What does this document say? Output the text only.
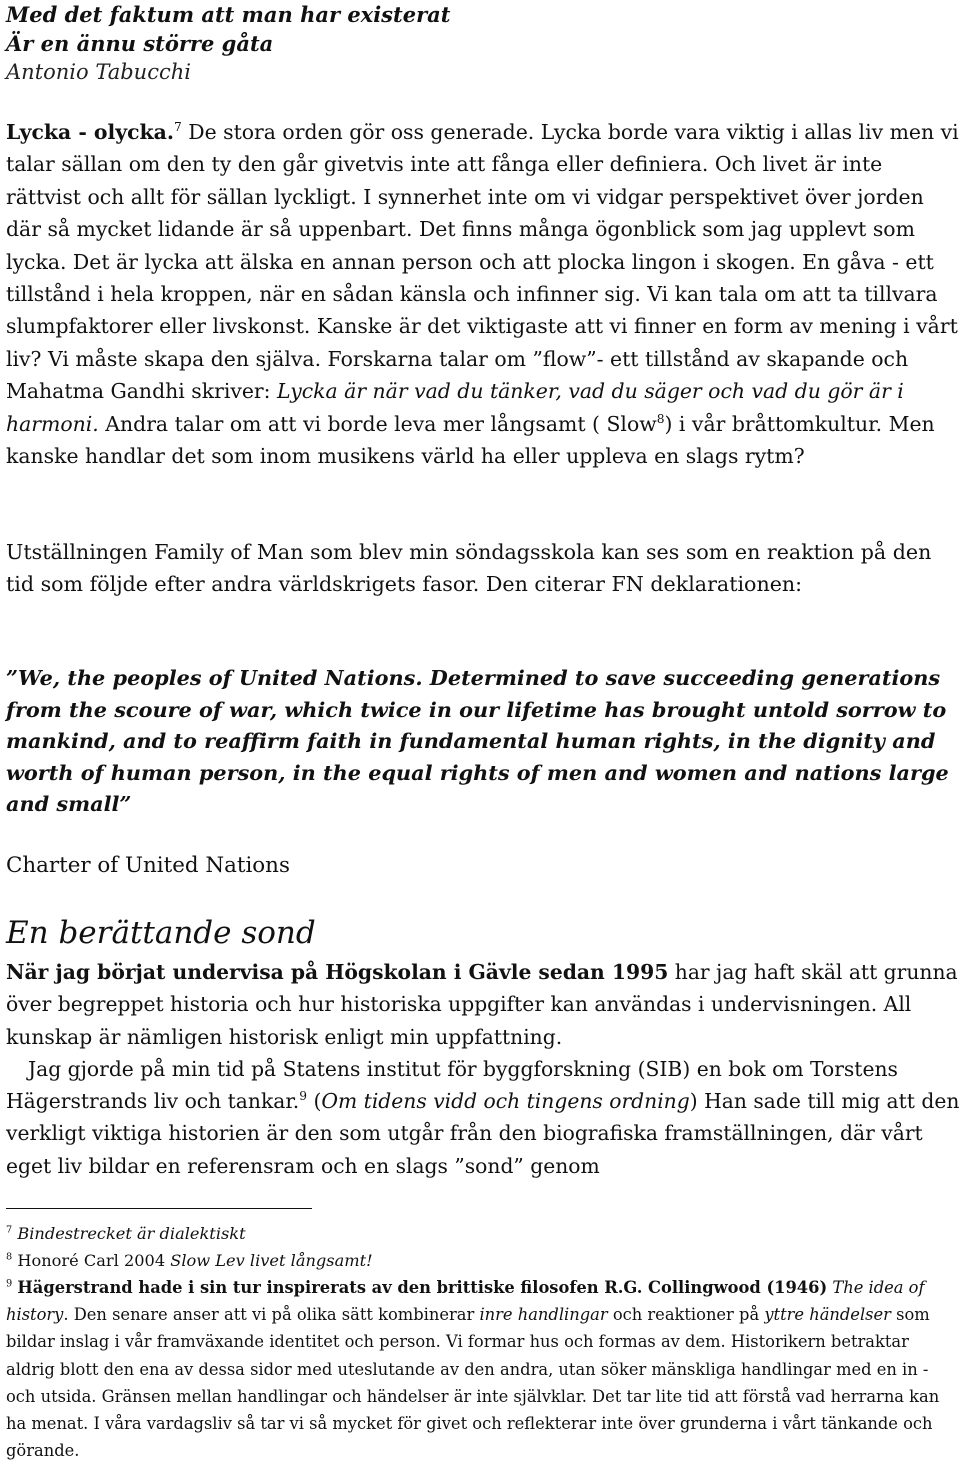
Med det faktum att man har existerat
Är en ännu större gåta
Antonio Tabucchi
Lycka - olycka.$^7$ De stora orden gör oss generade. Lycka borde vara viktig i allas liv men vi talar sällan om den ty den går givetvis inte att fånga eller definiera. Och livet är inte rättvist och allt för sällan lyckligt. I synnerhet inte om vi vidgar perspektivet över jorden där så mycket lidande är så uppenbart. Det finns många ögonblick som jag upplevt som lycka. Det är lycka att älska en annan person och att plocka lingon i skogen. En gåva - ett tillstånd i hela kroppen, när en sådan känsla och infinner sig. Vi kan tala om att ta tillvara slumpfaktorer eller livskonst. Kanske är det viktigaste att vi finner en form av mening i vårt liv? Vi måste skapa den själva. Forskarna talar om ”flow”- ett tillstånd av skapande och Mahatma Gandhi skriver: Lycka är när vad du tänker, vad du säger och vad du gör är i harmoni. Andra talar om att vi borde leva mer långsamt ( Slow$^8$) i vår bråttomkultur. Men kanske handlar det som inom musikens värld ha eller uppleva en slags rytm?
Utställningen Family of Man som blev min söndagsskola kan ses som en reaktion på den tid som följde efter andra världskrigets fasor. Den citerar FN deklarationen:
”We, the peoples of United Nations. Determined to save succeeding generations from the scoure of war, which twice in our lifetime has brought untold sorrow to mankind, and to reaffirm faith in fundamental human rights, in the dignity and worth of human person, in the equal rights of men and women and nations large and small”
Charter of United Nations
En berättande sond
När jag börjat undervisa på Högskolan i Gävle sedan 1995 har jag haft skäl att grunna över begreppet historia och hur historiska uppgifter kan användas i undervisningen. All kunskap är nämligen historisk enligt min uppfattning.
Jag gjorde på min tid på Statens institut för byggforskning (SIB) en bok om Torstens Hägerstrands liv och tankar.$^9$ (Om tidens vidd och tingens ordning) Han sade till mig att den verkligt viktiga historien är den som utgår från den biografiska framställningen, där vårt eget liv bildar en referensram och en slags ”sond” genom
$^7$ Bindestrecket är dialektiskt
$^8$ Honoré Carl 2004 Slow Lev livet långsamt!
$^9$ Hägerstrand hade i sin tur inspirerats av den brittiske filosofen R.G. Collingwood (1946) The idea of history. Den senare anser att vi på olika sätt kombinerar inre handlingar och reaktioner på yttre händelser som bildar inslag i vår framväxande identitet och person. Vi formar hus och formas av dem. Historikern betraktar aldrig blott den ena av dessa sidor med uteslutande av den andra, utan söker mänskliga handlingar med en in - och utsida. Gränsen mellan handlingar och händelser är inte självklar. Det tar lite tid att förstå vad herrarna kan ha menat. I våra vardagsliv så tar vi så mycket för givet och reflekterar inte över grunderna i vårt tänkande och görande.
